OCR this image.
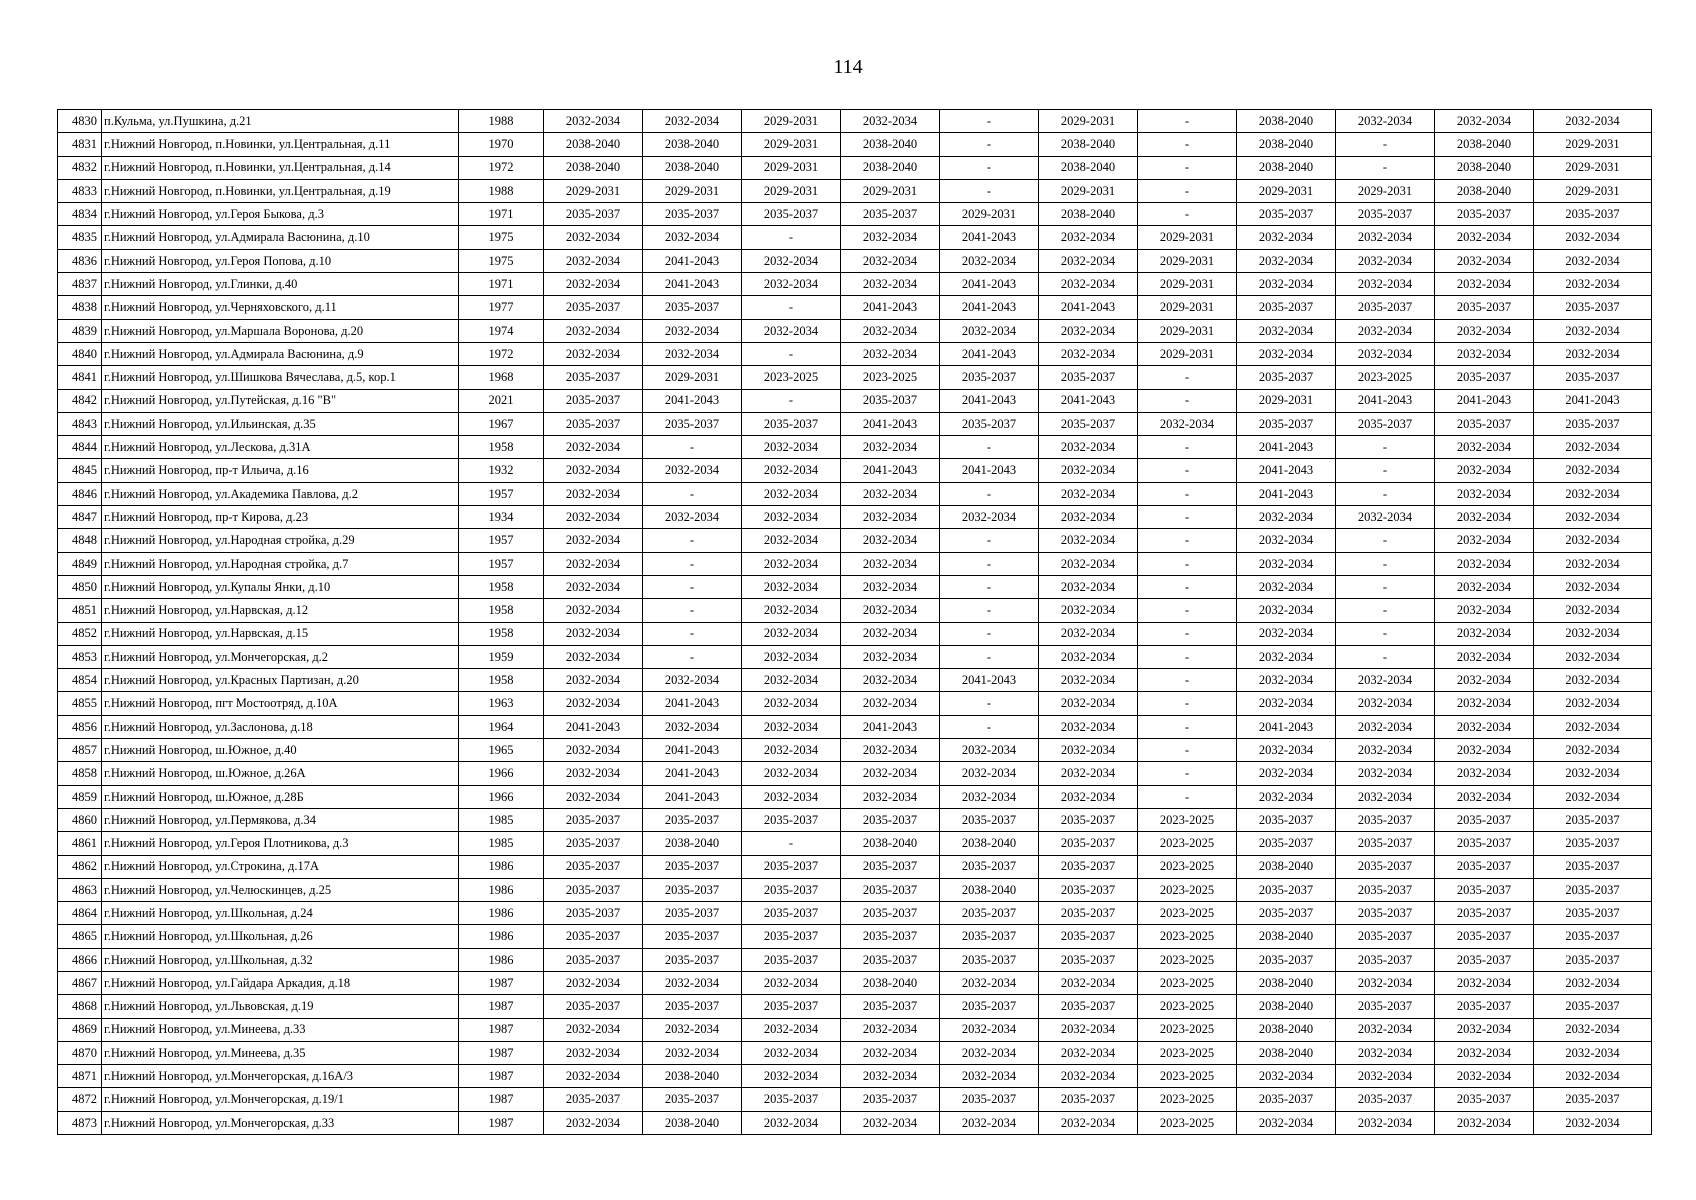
114
4830	п.Кульма, ул.Пушкина, д.21	1988	2032-2034	2032-2034	2029-2031	2032-2034	-	2029-2031	-	2038-2040	2032-2034	2032-2034	2032-2034
4831	г.Нижний Новгород, п.Новинки, ул.Центральная, д.11	1970	2038-2040	2038-2040	2029-2031	2038-2040	-	2038-2040	-	2038-2040	-	2038-2040	2029-2031
4832	г.Нижний Новгород, п.Новинки, ул.Центральная, д.14	1972	2038-2040	2038-2040	2029-2031	2038-2040	-	2038-2040	-	2038-2040	-	2038-2040	2029-2031
4833	г.Нижний Новгород, п.Новинки, ул.Центральная, д.19	1988	2029-2031	2029-2031	2029-2031	2029-2031	-	2029-2031	-	2029-2031	2029-2031	2038-2040	2029-2031
4834	г.Нижний Новгород, ул.Героя Быкова, д.3	1971	2035-2037	2035-2037	2035-2037	2035-2037	2029-2031	2038-2040	-	2035-2037	2035-2037	2035-2037	2035-2037
4835	г.Нижний Новгород, ул.Адмирала Васюнина, д.10	1975	2032-2034	2032-2034	-	2032-2034	2041-2043	2032-2034	2029-2031	2032-2034	2032-2034	2032-2034	2032-2034
4836	г.Нижний Новгород, ул.Героя Попова, д.10	1975	2032-2034	2041-2043	2032-2034	2032-2034	2032-2034	2032-2034	2029-2031	2032-2034	2032-2034	2032-2034	2032-2034
4837	г.Нижний Новгород, ул.Глинки, д.40	1971	2032-2034	2041-2043	2032-2034	2032-2034	2041-2043	2032-2034	2029-2031	2032-2034	2032-2034	2032-2034	2032-2034
4838	г.Нижний Новгород, ул.Черняховского, д.11	1977	2035-2037	2035-2037	-	2041-2043	2041-2043	2041-2043	2029-2031	2035-2037	2035-2037	2035-2037	2035-2037
4839	г.Нижний Новгород, ул.Маршала Воронова, д.20	1974	2032-2034	2032-2034	2032-2034	2032-2034	2032-2034	2032-2034	2029-2031	2032-2034	2032-2034	2032-2034	2032-2034
4840	г.Нижний Новгород, ул.Адмирала Васюнина, д.9	1972	2032-2034	2032-2034	-	2032-2034	2041-2043	2032-2034	2029-2031	2032-2034	2032-2034	2032-2034	2032-2034
4841	г.Нижний Новгород, ул.Шишкова Вячеслава, д.5, кор.1	1968	2035-2037	2029-2031	2023-2025	2023-2025	2035-2037	2035-2037	-	2035-2037	2023-2025	2035-2037	2035-2037
4842	г.Нижний Новгород, ул.Путейская, д.16 "В"	2021	2035-2037	2041-2043	-	2035-2037	2041-2043	2041-2043	-	2029-2031	2041-2043	2041-2043	2041-2043
4843	г.Нижний Новгород, ул.Ильинская, д.35	1967	2035-2037	2035-2037	2035-2037	2041-2043	2035-2037	2035-2037	2032-2034	2035-2037	2035-2037	2035-2037	2035-2037
4844	г.Нижний Новгород, ул.Лескова, д.31А	1958	2032-2034	-	2032-2034	2032-2034	-	2032-2034	-	2041-2043	-	2032-2034	2032-2034
4845	г.Нижний Новгород, пр-т Ильича, д.16	1932	2032-2034	2032-2034	2032-2034	2041-2043	2041-2043	2032-2034	-	2041-2043	-	2032-2034	2032-2034
4846	г.Нижний Новгород, ул.Академика Павлова, д.2	1957	2032-2034	-	2032-2034	2032-2034	-	2032-2034	-	2041-2043	-	2032-2034	2032-2034
4847	г.Нижний Новгород, пр-т Кирова, д.23	1934	2032-2034	2032-2034	2032-2034	2032-2034	2032-2034	2032-2034	-	2032-2034	2032-2034	2032-2034	2032-2034
4848	г.Нижний Новгород, ул.Народная стройка, д.29	1957	2032-2034	-	2032-2034	2032-2034	-	2032-2034	-	2032-2034	-	2032-2034	2032-2034
4849	г.Нижний Новгород, ул.Народная стройка, д.7	1957	2032-2034	-	2032-2034	2032-2034	-	2032-2034	-	2032-2034	-	2032-2034	2032-2034
4850	г.Нижний Новгород, ул.Купалы Янки, д.10	1958	2032-2034	-	2032-2034	2032-2034	-	2032-2034	-	2032-2034	-	2032-2034	2032-2034
4851	г.Нижний Новгород, ул.Нарвская, д.12	1958	2032-2034	-	2032-2034	2032-2034	-	2032-2034	-	2032-2034	-	2032-2034	2032-2034
4852	г.Нижний Новгород, ул.Нарвская, д.15	1958	2032-2034	-	2032-2034	2032-2034	-	2032-2034	-	2032-2034	-	2032-2034	2032-2034
4853	г.Нижний Новгород, ул.Мончегорская, д.2	1959	2032-2034	-	2032-2034	2032-2034	-	2032-2034	-	2032-2034	-	2032-2034	2032-2034
4854	г.Нижний Новгород, ул.Красных Партизан, д.20	1958	2032-2034	2032-2034	2032-2034	2032-2034	2041-2043	2032-2034	-	2032-2034	2032-2034	2032-2034	2032-2034
4855	г.Нижний Новгород, пгт Мостоотряд, д.10А	1963	2032-2034	2041-2043	2032-2034	2032-2034	-	2032-2034	-	2032-2034	2032-2034	2032-2034	2032-2034
4856	г.Нижний Новгород, ул.Заслонова, д.18	1964	2041-2043	2032-2034	2032-2034	2041-2043	-	2032-2034	-	2041-2043	2032-2034	2032-2034	2032-2034
4857	г.Нижний Новгород, ш.Южное, д.40	1965	2032-2034	2041-2043	2032-2034	2032-2034	2032-2034	2032-2034	-	2032-2034	2032-2034	2032-2034	2032-2034
4858	г.Нижний Новгород, ш.Южное, д.26А	1966	2032-2034	2041-2043	2032-2034	2032-2034	2032-2034	2032-2034	-	2032-2034	2032-2034	2032-2034	2032-2034
4859	г.Нижний Новгород, ш.Южное, д.28Б	1966	2032-2034	2041-2043	2032-2034	2032-2034	2032-2034	2032-2034	-	2032-2034	2032-2034	2032-2034	2032-2034
4860	г.Нижний Новгород, ул.Пермякова, д.34	1985	2035-2037	2035-2037	2035-2037	2035-2037	2035-2037	2035-2037	2023-2025	2035-2037	2035-2037	2035-2037	2035-2037
4861	г.Нижний Новгород, ул.Героя Плотникова, д.3	1985	2035-2037	2038-2040	-	2038-2040	2038-2040	2035-2037	2023-2025	2035-2037	2035-2037	2035-2037	2035-2037
4862	г.Нижний Новгород, ул.Строкина, д.17А	1986	2035-2037	2035-2037	2035-2037	2035-2037	2035-2037	2035-2037	2023-2025	2038-2040	2035-2037	2035-2037	2035-2037
4863	г.Нижний Новгород, ул.Челюскинцев, д.25	1986	2035-2037	2035-2037	2035-2037	2035-2037	2038-2040	2035-2037	2023-2025	2035-2037	2035-2037	2035-2037	2035-2037
4864	г.Нижний Новгород, ул.Школьная, д.24	1986	2035-2037	2035-2037	2035-2037	2035-2037	2035-2037	2035-2037	2023-2025	2035-2037	2035-2037	2035-2037	2035-2037
4865	г.Нижний Новгород, ул.Школьная, д.26	1986	2035-2037	2035-2037	2035-2037	2035-2037	2035-2037	2035-2037	2023-2025	2038-2040	2035-2037	2035-2037	2035-2037
4866	г.Нижний Новгород, ул.Школьная, д.32	1986	2035-2037	2035-2037	2035-2037	2035-2037	2035-2037	2035-2037	2023-2025	2035-2037	2035-2037	2035-2037	2035-2037
4867	г.Нижний Новгород, ул.Гайдара Аркадия, д.18	1987	2032-2034	2032-2034	2032-2034	2038-2040	2032-2034	2032-2034	2023-2025	2038-2040	2032-2034	2032-2034	2032-2034
4868	г.Нижний Новгород, ул.Львовская, д.19	1987	2035-2037	2035-2037	2035-2037	2035-2037	2035-2037	2035-2037	2023-2025	2038-2040	2035-2037	2035-2037	2035-2037
4869	г.Нижний Новгород, ул.Минеева, д.33	1987	2032-2034	2032-2034	2032-2034	2032-2034	2032-2034	2032-2034	2023-2025	2038-2040	2032-2034	2032-2034	2032-2034
4870	г.Нижний Новгород, ул.Минеева, д.35	1987	2032-2034	2032-2034	2032-2034	2032-2034	2032-2034	2032-2034	2023-2025	2038-2040	2032-2034	2032-2034	2032-2034
4871	г.Нижний Новгород, ул.Мончегорская, д.16А/3	1987	2032-2034	2038-2040	2032-2034	2032-2034	2032-2034	2032-2034	2023-2025	2032-2034	2032-2034	2032-2034	2032-2034
4872	г.Нижний Новгород, ул.Мончегорская, д.19/1	1987	2035-2037	2035-2037	2035-2037	2035-2037	2035-2037	2035-2037	2023-2025	2035-2037	2035-2037	2035-2037	2035-2037
4873	г.Нижний Новгород, ул.Мончегорская, д.33	1987	2032-2034	2038-2040	2032-2034	2032-2034	2032-2034	2032-2034	2023-2025	2032-2034	2032-2034	2032-2034	2032-2034
